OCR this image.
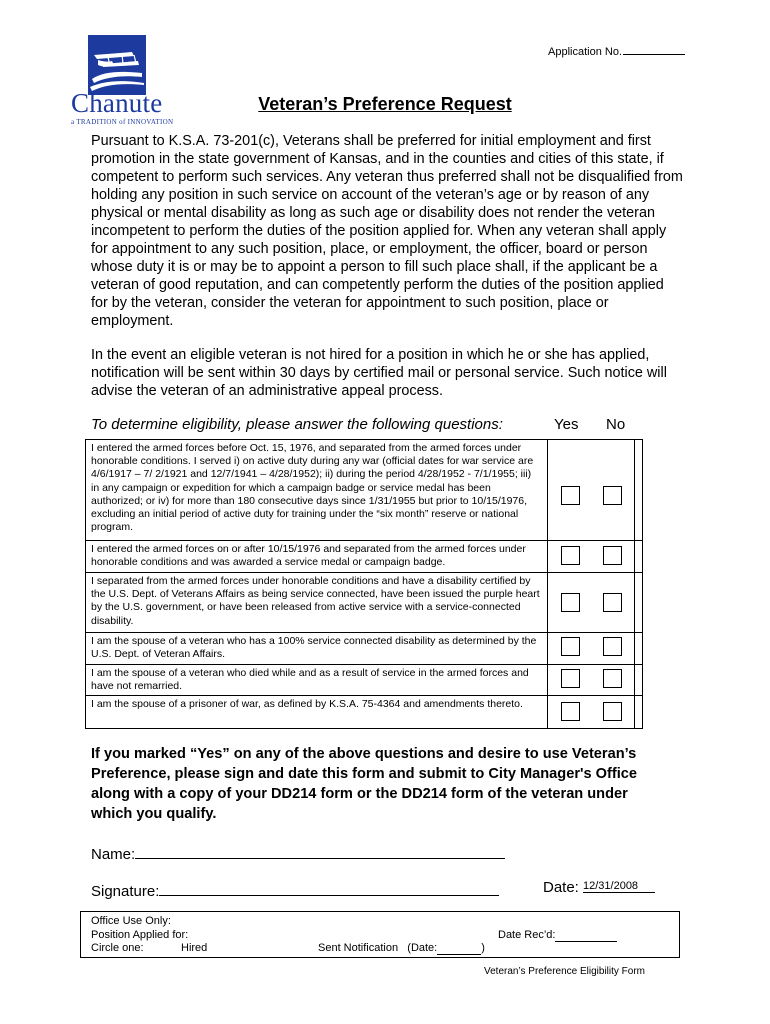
Chanute
a TRADITION of INNOVATION
Application No.
Veteran’s Preference Request
Pursuant to K.S.A. 73-201(c), Veterans shall be preferred for initial employment and first promotion in the state government of Kansas, and in the counties and cities of this state, if competent to perform such services. Any veteran thus preferred shall not be disqualified from holding any position in such service on account of the veteran’s age or by reason of any physical or mental disability as long as such age or disability does not render the veteran incompetent to perform the duties of the position applied for. When any veteran shall apply for appointment to any such position, place, or employment, the officer, board or person whose duty it is or may be to appoint a person to fill such place shall, if the applicant be a veteran of good reputation, and can competently perform the duties of the position applied for by the veteran, consider the veteran for appointment to such position, place or employment.
In the event an eligible veteran is not hired for a position in which he or she has applied, notification will be sent within 30 days by certified mail or personal service. Such notice will advise the veteran of an administrative appeal process.
To determine eligibility, please answer the following questions:	Yes No
I entered the armed forces before Oct. 15, 1976, and separated from the armed forces under honorable conditions. I served i) on active duty during any war (official dates for war service are 4/6/1917 – 7/ 2/1921 and 12/7/1941 – 4/28/1952); ii) during the period 4/28/1952 - 7/1/1955; iii) in any campaign or expedition for which a campaign badge or service medal has been authorized; or iv) for more than 180 consecutive days since 1/31/1955 but prior to 10/15/1976, excluding an initial period of active duty for training under the “six month” reserve or national program.
I entered the armed forces on or after 10/15/1976 and separated from the armed forces under honorable conditions and was awarded a service medal or campaign badge.
I separated from the armed forces under honorable conditions and have a disability certified by the U.S. Dept. of Veterans Affairs as being service connected, have been issued the purple heart by the U.S. government, or have been released from active service with a service-connected disability.
I am the spouse of a veteran who has a 100% service connected disability as determined by the U.S. Dept. of Veteran Affairs.
I am the spouse of a veteran who died while and as a result of service in the armed forces and have not remarried.
I am the spouse of a prisoner of war, as defined by K.S.A. 75-4364 and amendments thereto.
If you marked “Yes” on any of the above questions and desire to use Veteran’s Preference, please sign and date this form and submit to City Manager's Office along with a copy of your DD214 form or the DD214 form of the veteran under which you qualify.
Name:
Signature:	Date: 12/31/2008
Office Use Only:
Position Applied for:
Circle one:	Hired	Sent Notification (Date:	)
Date Rec’d:
Veteran’s Preference Eligibility Form
